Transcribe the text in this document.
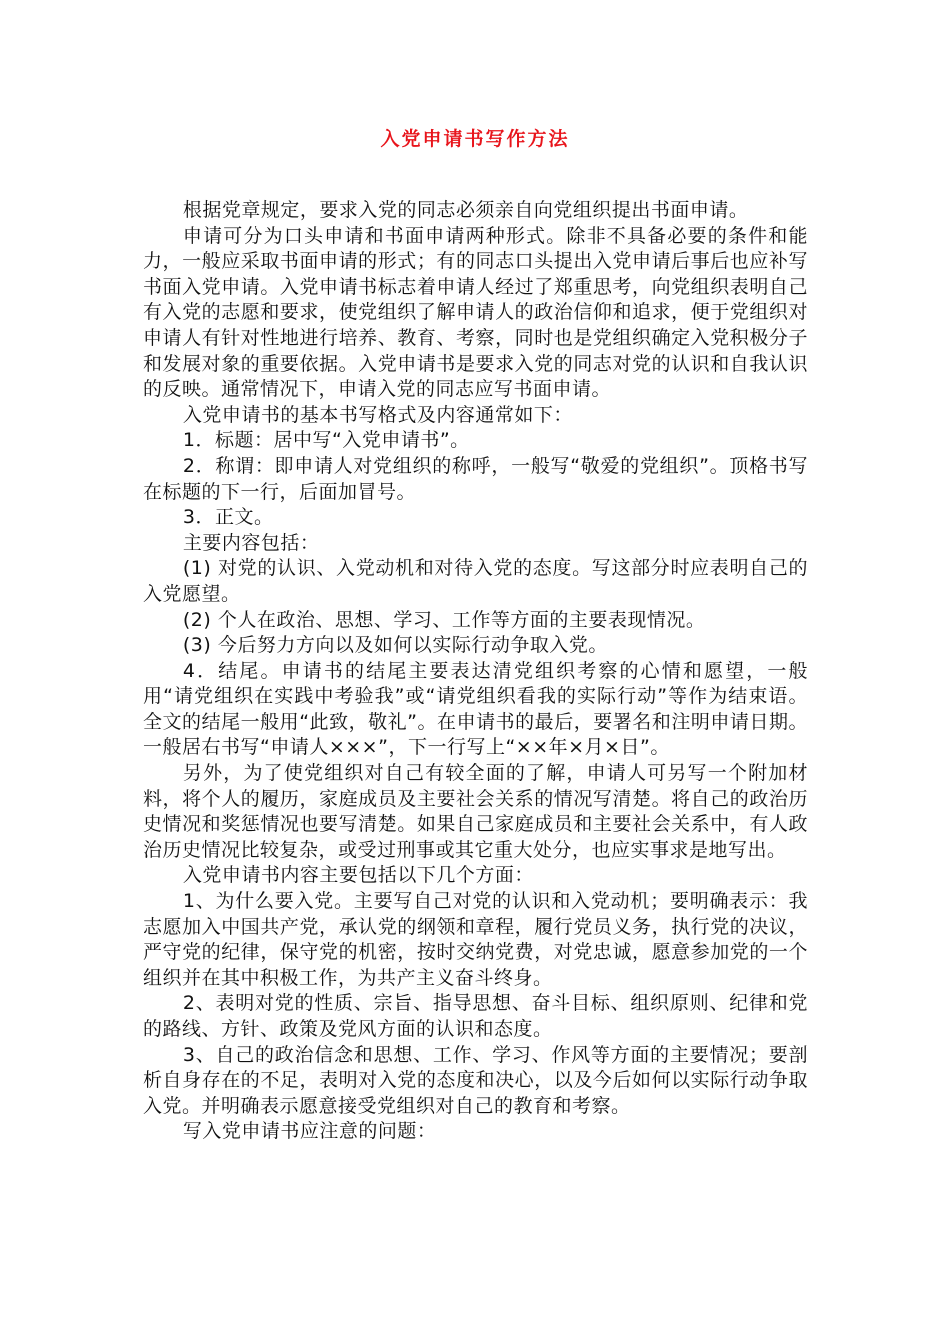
入党申请书写作方法

根据党章规定，要求入党的同志必须亲自向党组织提出书面申请。

申请可分为口头申请和书面申请两种形式。除非不具备必要的条件和能力，一般应采取书面申请的形式；有的同志口头提出入党申请后事后也应补写书面入党申请。入党申请书标志着申请人经过了郑重思考，向党组织表明自己有入党的志愿和要求，使党组织了解申请人的政治信仰和追求，便于党组织对申请人有针对性地进行培养、教育、考察，同时也是党组织确定入党积极分子和发展对象的重要依据。入党申请书是要求入党的同志对党的认识和自我认识的反映。通常情况下，申请入党的同志应写书面申请。

入党申请书的基本书写格式及内容通常如下：

1．标题：居中写“入党申请书”。

2．称谓：即申请人对党组织的称呼，一般写“敬爱的党组织”。顶格书写在标题的下一行，后面加冒号。

3．正文。

主要内容包括：

(1) 对党的认识、入党动机和对待入党的态度。写这部分时应表明自己的入党愿望。

(2) 个人在政治、思想、学习、工作等方面的主要表现情况。

(3) 今后努力方向以及如何以实际行动争取入党。

4．结尾。申请书的结尾主要表达清党组织考察的心情和愿望，一般用“请党组织在实践中考验我”或“请党组织看我的实际行动”等作为结束语。全文的结尾一般用“此致，敬礼”。在申请书的最后，要署名和注明申请日期。一般居右书写“申请人×××”，下一行写上“××年×月×日”。

另外，为了使党组织对自己有较全面的了解，申请人可另写一个附加材料，将个人的履历，家庭成员及主要社会关系的情况写清楚。将自己的政治历史情况和奖惩情况也要写清楚。如果自己家庭成员和主要社会关系中，有人政治历史情况比较复杂，或受过刑事或其它重大处分，也应实事求是地写出。

入党申请书内容主要包括以下几个方面：

1、为什么要入党。主要写自己对党的认识和入党动机；要明确表示：我志愿加入中国共产党，承认党的纲领和章程，履行党员义务，执行党的决议，严守党的纪律，保守党的机密，按时交纳党费，对党忠诚，愿意参加党的一个组织并在其中积极工作，为共产主义奋斗终身。

2、表明对党的性质、宗旨、指导思想、奋斗目标、组织原则、纪律和党的路线、方针、政策及党风方面的认识和态度。

3、自己的政治信念和思想、工作、学习、作风等方面的主要情况；要剖析自身存在的不足，表明对入党的态度和决心，以及今后如何以实际行动争取入党。并明确表示愿意接受党组织对自己的教育和考察。

写入党申请书应注意的问题：
